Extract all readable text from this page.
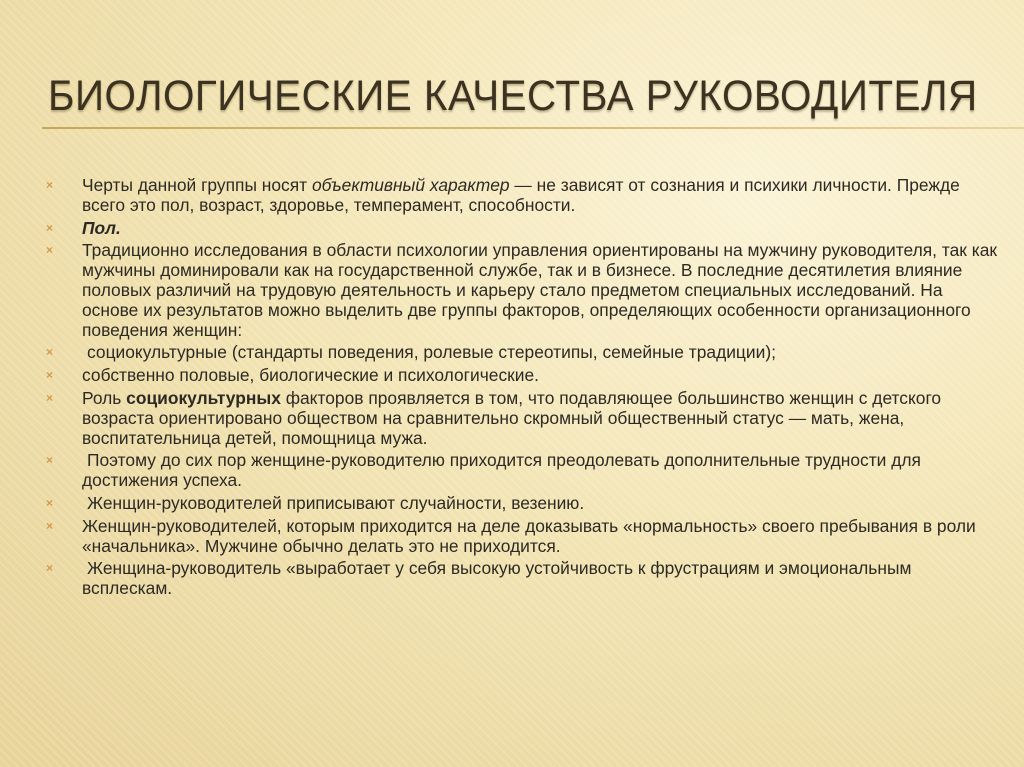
БИОЛОГИЧЕСКИЕ КАЧЕСТВА РУКОВОДИТЕЛЯ
× Черты данной группы носят объективный характер — не зависят от сознания и психики личности. Прежде всего это пол, возраст, здоровье, темперамент, способности.
× Пол.
× Традиционно исследования в области психологии управления ориентированы на мужчину руководителя, так как мужчины доминировали как на государственной службе, так и в бизнесе. В последние десятилетия влияние половых различий на трудовую деятельность и карьеру стало предметом специальных исследований. На основе их результатов можно выделить две группы факторов, определяющих особенности организационного поведения женщин:
× социокультурные (стандарты поведения, ролевые стереотипы, семейные традиции);
× собственно половые, биологические и психологические.
× Роль социокультурных факторов проявляется в том, что подавляющее большинство женщин с детского возраста ориентировано обществом на сравнительно скромный общественный статус — мать, жена, воспитательница детей, помощница мужа.
× Поэтому до сих пор женщине-руководителю приходится преодолевать дополнительные трудности для достижения успеха.
× Женщин-руководителей приписывают случайности, везению.
× Женщин-руководителей, которым приходится на деле доказывать «нормальность» своего пребывания в роли «начальника». Мужчине обычно делать это не приходится.
× Женщина-руководитель «выработает у себя высокую устойчивость к фрустрациям и эмоциональным всплескам.
